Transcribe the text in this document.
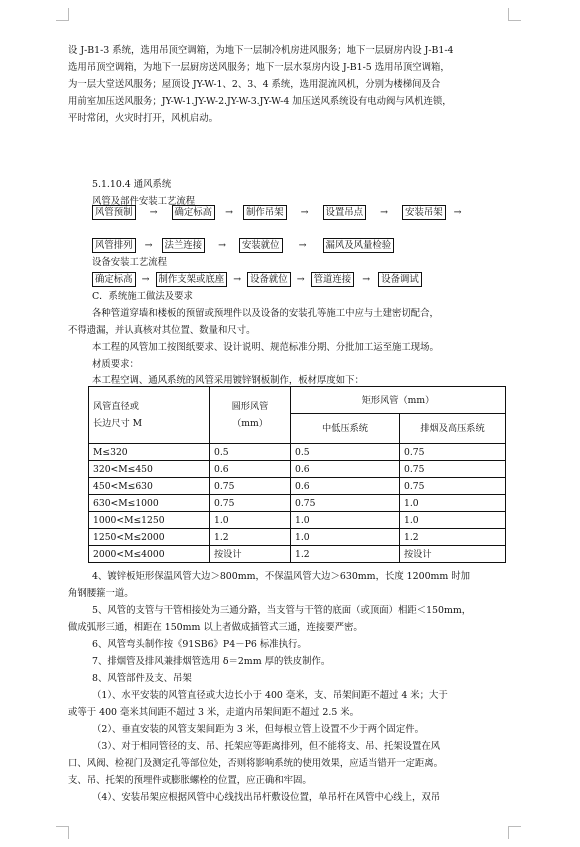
设 J-B1-3 系统，选用吊顶空调箱，为地下一层制冷机房进风服务；地下一层厨房内设 J-B1-4
选用吊顶空调箱，为地下一层厨房送风服务；地下一层水泵房内设 J-B1-5 选用吊顶空调箱，
为一层大堂送风服务；屋顶设 JY-W-1、2、3、4 系统，选用混流风机，分别为楼梯间及合
用前室加压送风服务；JY-W-1.JY-W-2.JY-W-3.JY-W-4 加压送风系统设有电动阀与风机连锁，
平时常闭，火灾时打开，风机启动。
5.1.10.4 通风系统
风管及部件安装工艺流程
风管预制 → 确定标高 → 制作吊架 → 设置吊点 → 安装吊架 →
风管排列 → 法兰连接 → 安装就位 → 漏风及风量检验
设备安装工艺流程
确定标高 → 制作支架或底座 → 设备就位 → 管道连接 → 设备调试
C．系统施工做法及要求
各种管道穿墙和楼板的预留或预埋件以及设备的安装孔等施工中应与土建密切配合，
不得遗漏，并认真核对其位置、数量和尺寸。
本工程的风管加工按图纸要求、设计说明、规范标准分期、分批加工运至施工现场。
材质要求：
本工程空调、通风系统的风管采用镀锌钢板制作，板材厚度如下：
风管直径或
长边尺寸 M	圆形风管
（mm）	矩形风管（mm）	
		中低压系统	排烟及高压系统
M≤320	0.5	0.5	0.75
320<M≤450	0.6	0.6	0.75
450<M≤630	0.75	0.6	0.75
630<M≤1000	0.75	0.75	1.0
1000<M≤1250	1.0	1.0	1.0
1250<M≤2000	1.2	1.0	1.2
2000<M≤4000	按设计	1.2	按设计
4、镀锌板矩形保温风管大边＞800mm，不保温风管大边＞630mm，长度 1200mm 时加
角钢腰箍一道。
5、风管的支管与干管相接处为三通分路，当支管与干管的底面（或顶面）相距＜150mm，
做成弧形三通，相距在 150mm 以上者做成插管式三通，连接要严密。
6、风管弯头制作按《91SB6》P4－P6 标准执行。
7、排烟管及排风兼排烟管选用 δ＝2mm 厚的铁皮制作。
8、风管部件及支、吊架
（1）、水平安装的风管直径或大边长小于 400 毫米，支、吊架间距不超过 4 米；大于
或等于 400 毫米其间距不超过 3 米，走道内吊架间距不超过 2.5 米。
（2）、垂直安装的风管支架间距为 3 米，但每根立管上设置不少于两个固定件。
（3）、对于相同管径的支、吊、托架应等距离排列，但不能将支、吊、托架设置在风
口、风阀、检视门及测定孔等部位处，否则将影响系统的使用效果，应适当错开一定距离。
支、吊、托架的预埋件或膨胀螺栓的位置，应正确和牢固。
（4）、安装吊架应根据风管中心线找出吊杆敷设位置，单吊杆在风管中心线上，双吊
